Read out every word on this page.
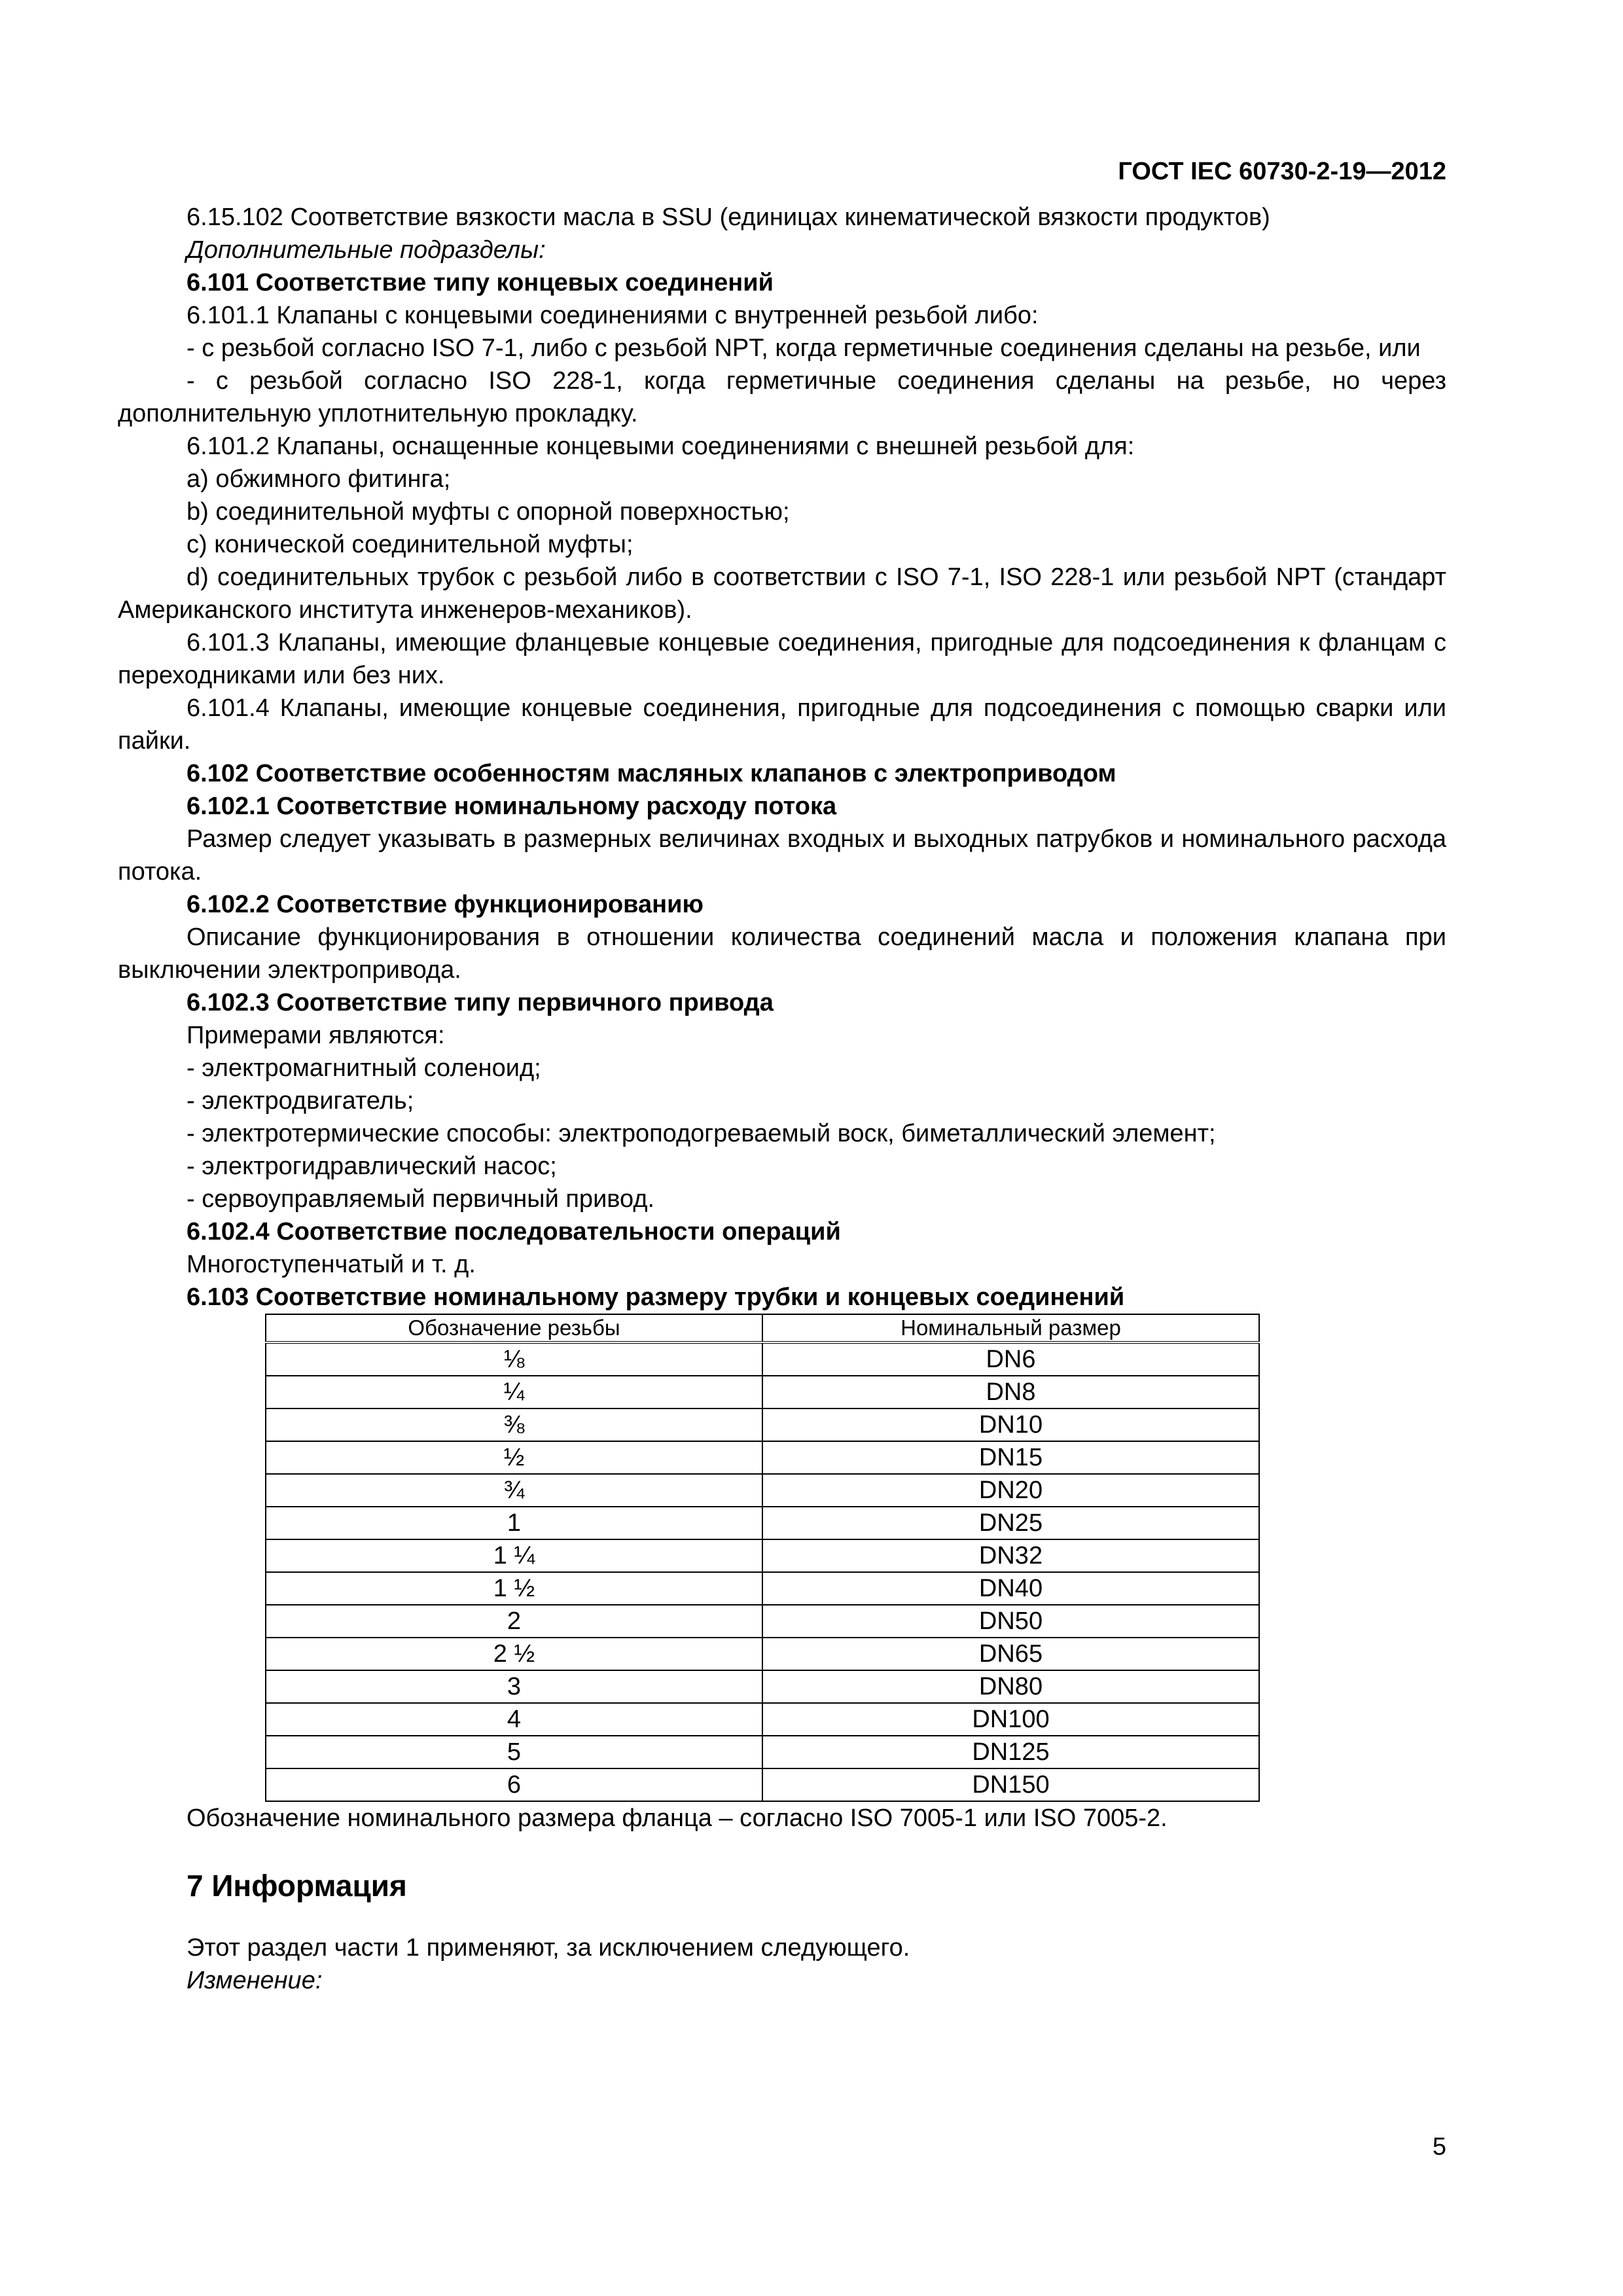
ГОСТ IEC 60730-2-19—2012

6.15.102 Соответствие вязкости масла в SSU (единицах кинематической вязкости продуктов)

Дополнительные подразделы:

6.101 Соответствие типу концевых соединений

6.101.1 Клапаны с концевыми соединениями с внутренней резьбой либо:

- с резьбой согласно ISO 7-1, либо с резьбой NPT, когда герметичные соединения сделаны на резьбе, или

- с резьбой согласно ISO 228-1, когда герметичные соединения сделаны на резьбе, но через дополнительную уплотнительную прокладку.

6.101.2 Клапаны, оснащенные концевыми соединениями с внешней резьбой для:

a) обжимного фитинга;

b) соединительной муфты с опорной поверхностью;

c) конической соединительной муфты;

d) соединительных трубок с резьбой либо в соответствии с ISO 7-1, ISO 228-1 или резьбой NPT (стандарт Американского института инженеров-механиков).

6.101.3 Клапаны, имеющие фланцевые концевые соединения, пригодные для подсоединения к фланцам с переходниками или без них.

6.101.4 Клапаны, имеющие концевые соединения, пригодные для подсоединения с помощью сварки или пайки.

6.102 Соответствие особенностям масляных клапанов с электроприводом

6.102.1 Соответствие номинальному расходу потока

Размер следует указывать в размерных величинах входных и выходных патрубков и номинального расхода потока.

6.102.2 Соответствие функционированию

Описание функционирования в отношении количества соединений масла и положения клапана при выключении электропривода.

6.102.3 Соответствие типу первичного привода

Примерами являются:

- электромагнитный соленоид;

- электродвигатель;

- электротермические способы: электроподогреваемый воск, биметаллический элемент;

- электрогидравлический насос;

- сервоуправляемый первичный привод.

6.102.4 Соответствие последовательности операций

Многоступенчатый и т. д.

6.103 Соответствие номинальному размеру трубки и концевых соединений

Обозначение резьбы	Номинальный размер
⅛	DN6
¼	DN8
⅜	DN10
½	DN15
¾	DN20
1	DN25
1 ¼	DN32
1 ½	DN40
2	DN50
2 ½	DN65
3	DN80
4	DN100
5	DN125
6	DN150

Обозначение номинального размера фланца – согласно ISO 7005-1 или ISO 7005-2.

7 Информация

Этот раздел части 1 применяют, за исключением следующего.

Изменение:

5
